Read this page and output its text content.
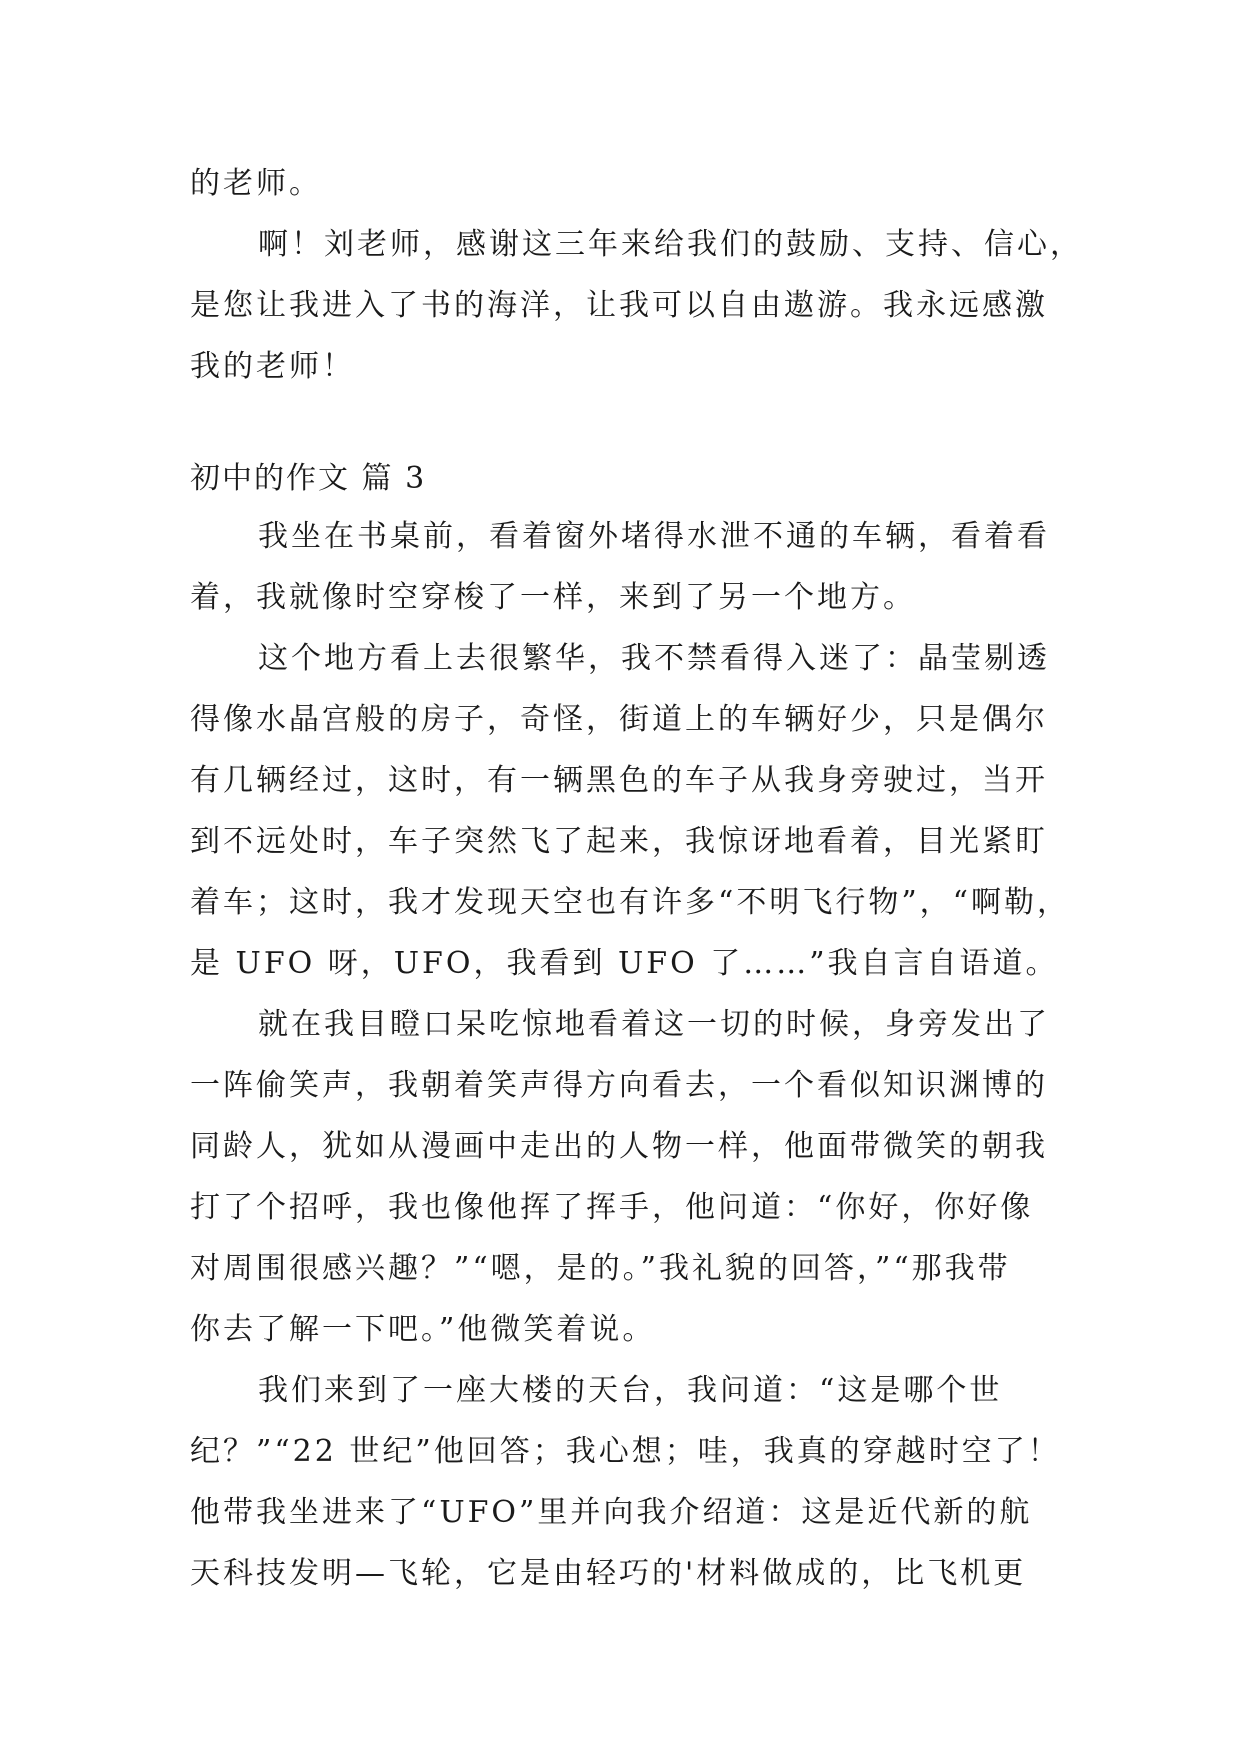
的老师。
啊！刘老师，感谢这三年来给我们的鼓励、支持、信心，
是您让我进入了书的海洋，让我可以自由遨游。我永远感激
我的老师！
初中的作文 篇 3
我坐在书桌前，看着窗外堵得水泄不通的车辆，看着看
着，我就像时空穿梭了一样，来到了另一个地方。
这个地方看上去很繁华，我不禁看得入迷了：晶莹剔透
得像水晶宫般的房子，奇怪，街道上的车辆好少，只是偶尔
有几辆经过，这时，有一辆黑色的车子从我身旁驶过，当开
到不远处时，车子突然飞了起来，我惊讶地看着，目光紧盯
着车；这时，我才发现天空也有许多“不明飞行物”，“啊勒，
是 UFO 呀，UFO，我看到 UFO 了……”我自言自语道。
就在我目瞪口呆吃惊地看着这一切的时候，身旁发出了
一阵偷笑声，我朝着笑声得方向看去，一个看似知识渊博的
同龄人，犹如从漫画中走出的人物一样，他面带微笑的朝我
打了个招呼，我也像他挥了挥手，他问道：“你好，你好像
对周围很感兴趣？”“嗯，是的。”我礼貌的回答，”“那我带
你去了解一下吧。”他微笑着说。
我们来到了一座大楼的天台，我问道：“这是哪个世
纪？”“22 世纪”他回答；我心想；哇，我真的穿越时空了！
他带我坐进来了“UFO”里并向我介绍道：这是近代新的航
天科技发明—飞轮，它是由轻巧的'材料做成的，比飞机更
